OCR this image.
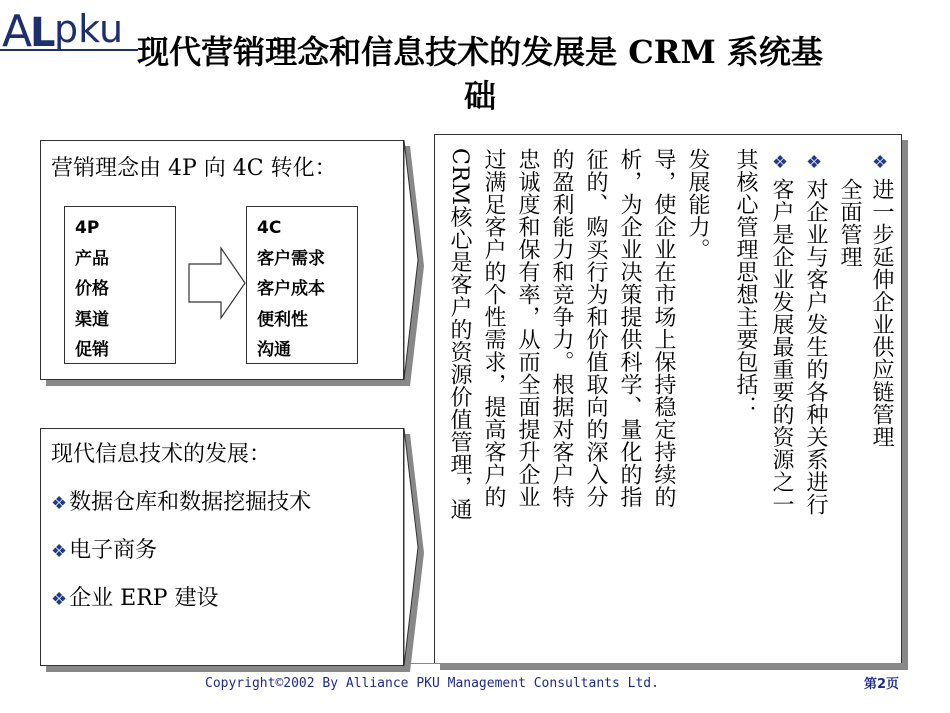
A
L
pku
现代营销理念和信息技术的发展是 CRM 系统基
础
营销理念由 4P 向 4C 转化：
4P
产品
价格
渠道
促销
4C
客户需求
客户成本
便利性
沟通
现代信息技术的发展：
❖数据仓库和数据挖掘技术
❖电子商务
❖企业 ERP 建设
CRM核心是客户的资源价值管理，通 过满足客户的个性需求，提高客户的 忠诚度和保有率，从而全面提升企业 的盈利能力和竞争力。根据对客户特 征的、购买行为和价值取向的深入分 析，为企业决策提供科学、量化的指 导，使企业在市场上保持稳定持续的 发展能力。 其核心管理思想主要包括： ❖
客户是企业发展最重要的资源之一
❖
对企业与客户发生的各种关系进行 全面管理
❖
进一步延伸企业供应链管理
Copyright©2002 By Alliance PKU Management Consultants Ltd.	第2页
